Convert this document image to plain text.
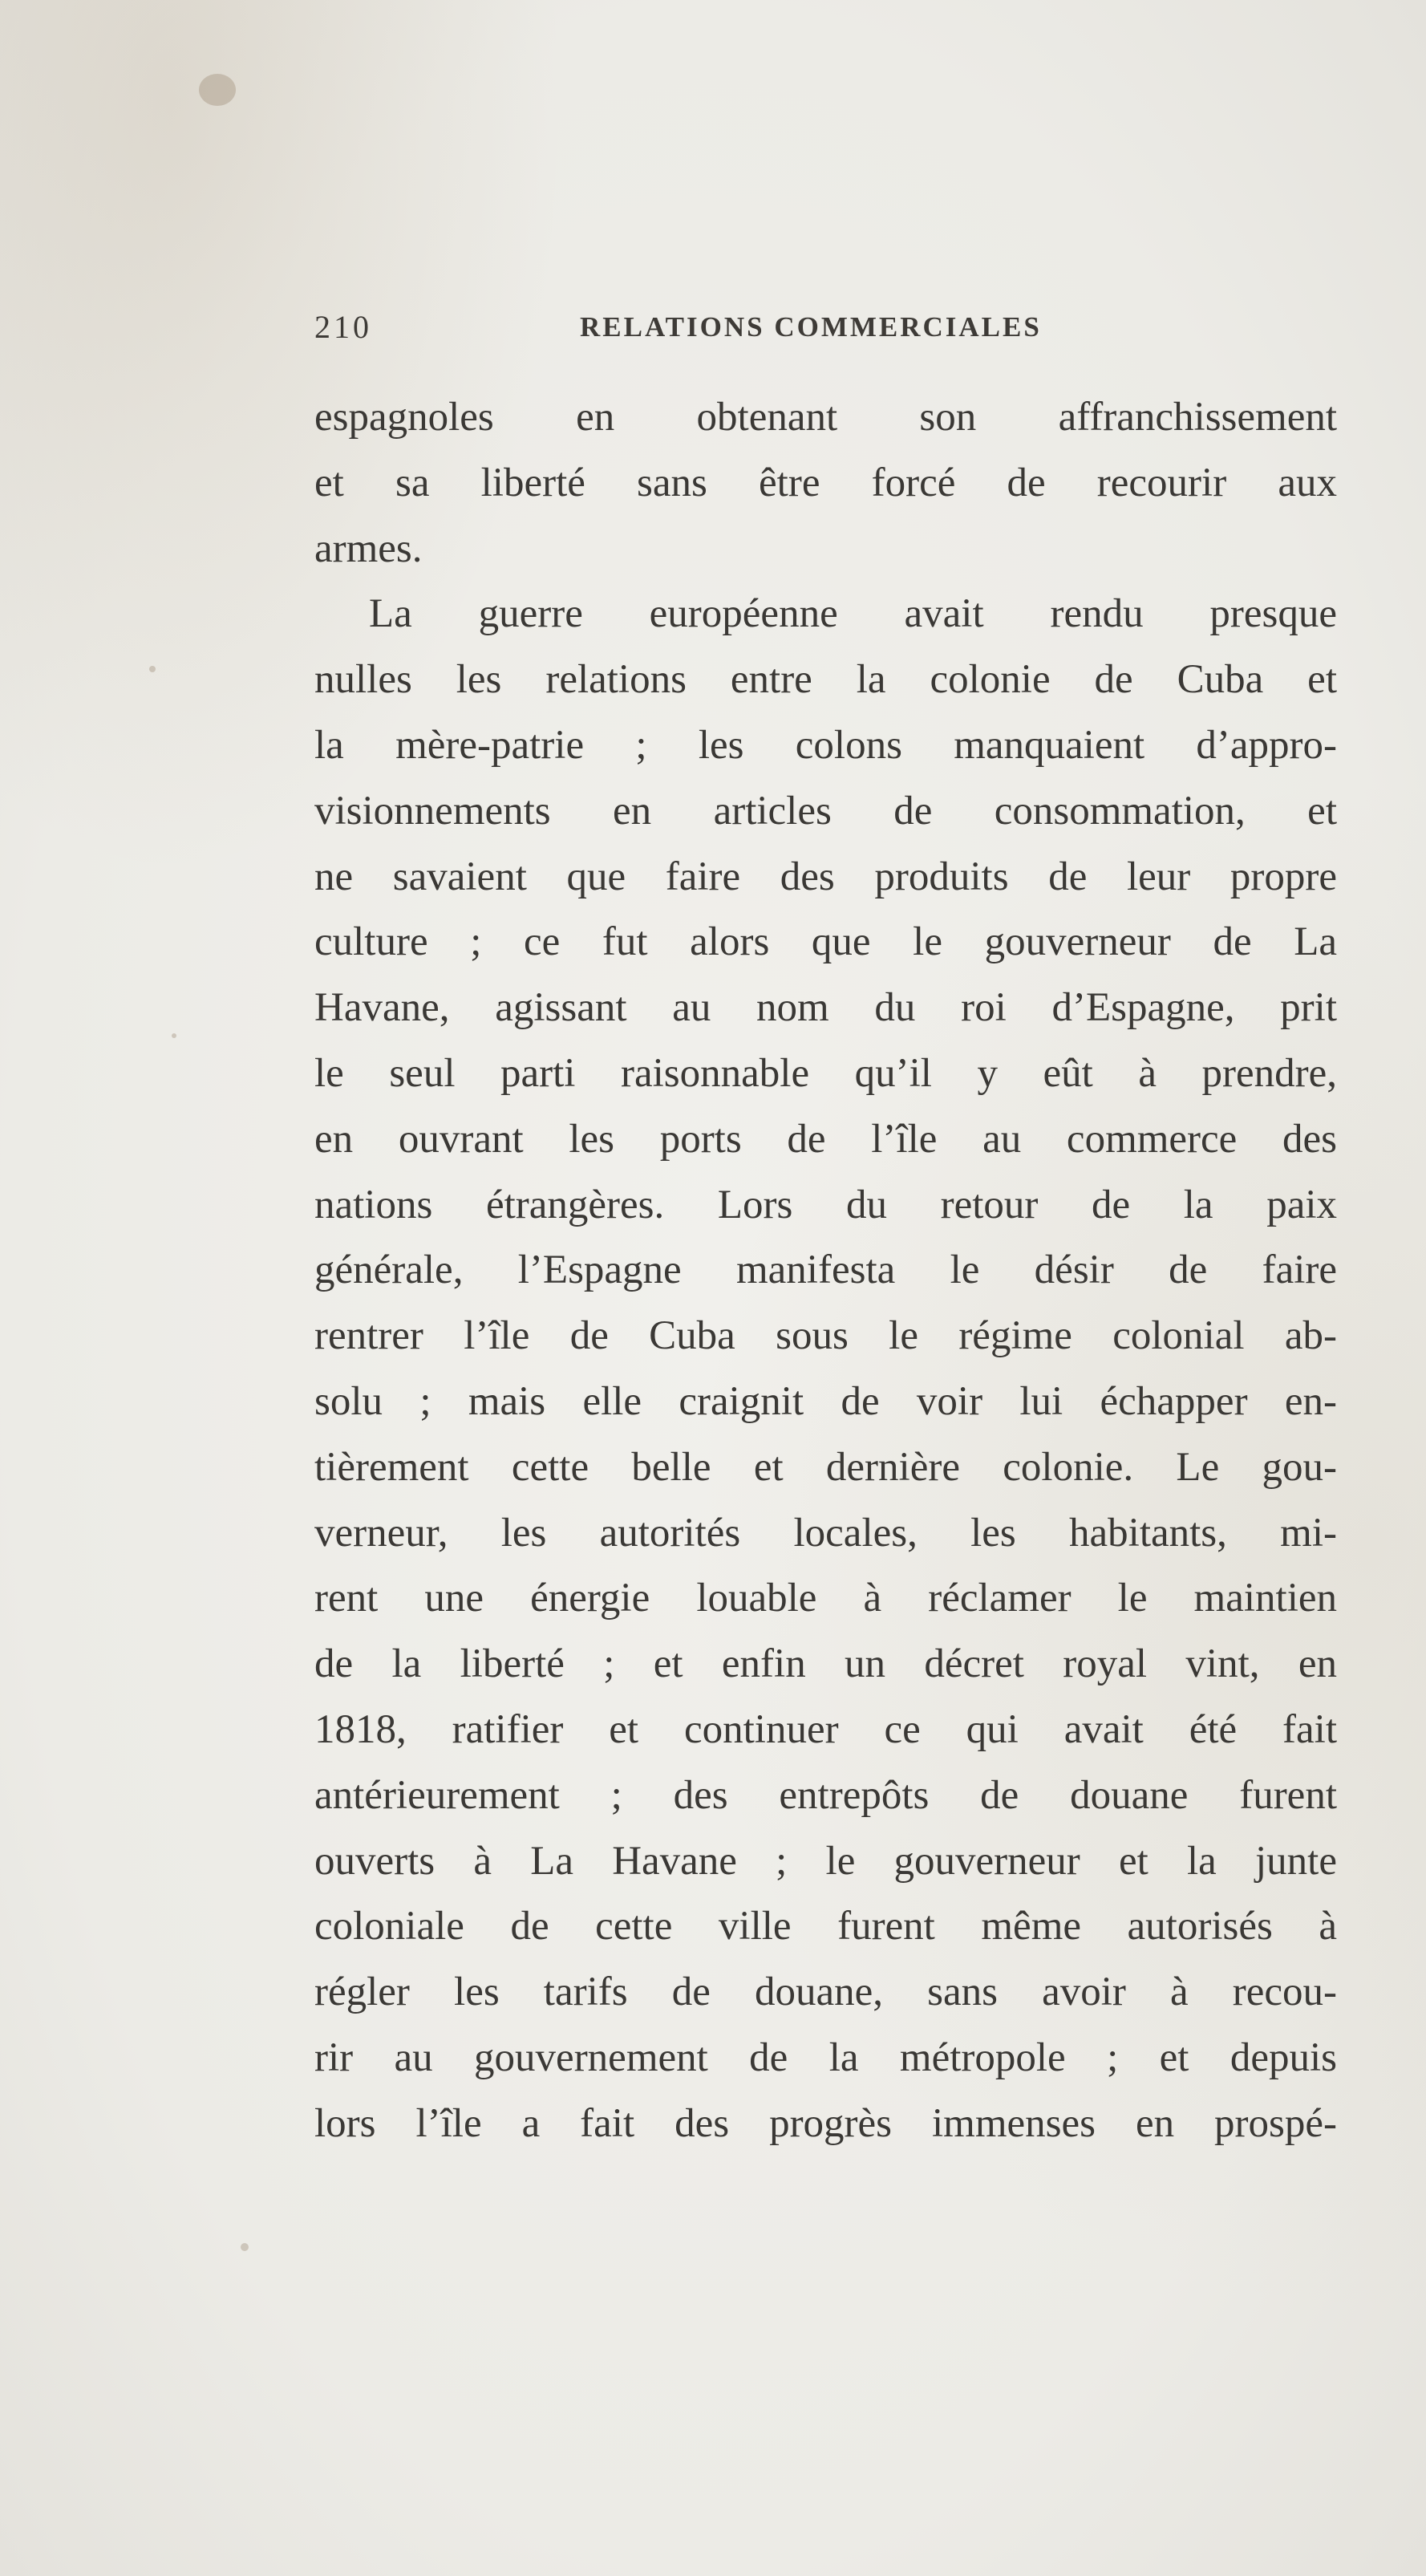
210	RELATIONS COMMERCIALES
espagnoles en obtenant son affranchissement
et sa liberté sans être forcé de recourir aux
armes.
La guerre européenne avait rendu presque
nulles les relations entre la colonie de Cuba et
la mère-patrie ; les colons manquaient d’appro-
visionnements en articles de consommation, et
ne savaient que faire des produits de leur propre
culture ; ce fut alors que le gouverneur de La
Havane, agissant au nom du roi d’Espagne, prit
le seul parti raisonnable qu’il y eût à prendre,
en ouvrant les ports de l’île au commerce des
nations étrangères. Lors du retour de la paix
générale, l’Espagne manifesta le désir de faire
rentrer l’île de Cuba sous le régime colonial ab-
solu ; mais elle craignit de voir lui échapper en-
tièrement cette belle et dernière colonie. Le gou-
verneur, les autorités locales, les habitants, mi-
rent une énergie louable à réclamer le maintien
de la liberté ; et enfin un décret royal vint, en
1818, ratifier et continuer ce qui avait été fait
antérieurement ; des entrepôts de douane furent
ouverts à La Havane ; le gouverneur et la junte
coloniale de cette ville furent même autorisés à
régler les tarifs de douane, sans avoir à recou-
rir au gouvernement de la métropole ; et depuis
lors l’île a fait des progrès immenses en prospé-
